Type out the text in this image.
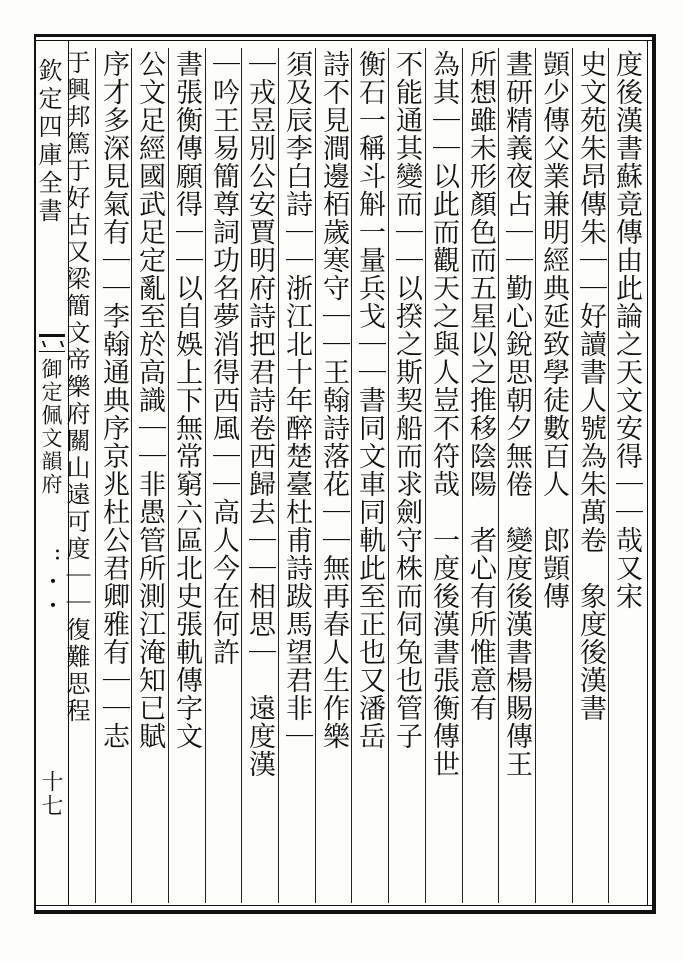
欽定四庫全書
御定佩文韻府
：・・
十七
度後漢書蘇竟傳由此論之天文安得｜｜哉又宋
史文苑朱昂傳朱｜｜好讀書人號為朱萬卷　象度後漢書
顗少傳父業兼明經典延致學徒數百人　郎顗傳
晝研精義夜占｜｜勤心銳思朝夕無倦　變度後漢書楊賜傳王
所想雖未形顏色而五星以之推移陰陽　者心有所惟意有
為其｜｜以此而觀天之與人豈不符哉　一度後漢書張衡傳世
不能通其變而｜｜以揆之斯契船而求劍守株而伺兔也管子
衡石一稱斗斛一量兵戈｜｜書同文車同軌此至正也又潘岳
詩不見澗邊栢歲寒守｜｜王翰詩落花｜｜無再春人生作樂
須及辰李白詩｜｜浙江北十年醉楚臺杜甫詩跋馬望君非｜
｜戎昱別公安賈明府詩把君詩卷西歸去｜｜相思｜　遠度漢
｜吟王易簡尊詞功名夢消得西風｜｜高人今在何許
書張衡傳願得｜｜以自娛上下無常窮六區北史張軌傳字文
公文足經國武足定亂至於高識｜｜非愚管所測江淹知已賦
序才多深見氣有｜｜李翰通典序京兆杜公君卿雅有｜｜志
于興邦篤于好古又梁簡文帝樂府關山遠可度｜｜復難思程
